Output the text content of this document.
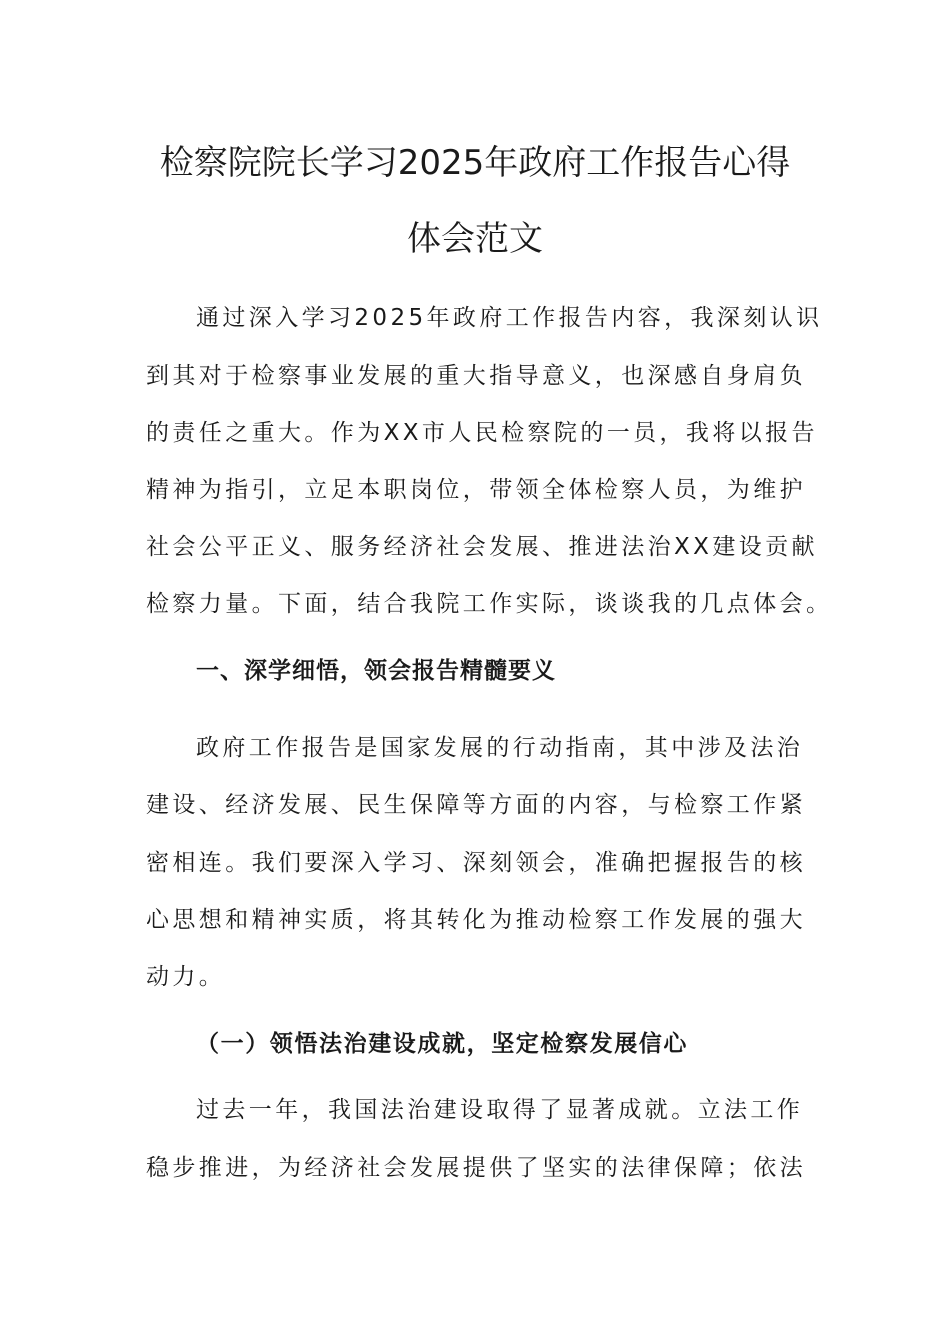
检察院院长学习2025年政府工作报告心得
体会范文

通过深入学习2025年政府工作报告内容，我深刻认识

到其对于检察事业发展的重大指导意义，也深感自身肩负

的责任之重大。作为XX市人民检察院的一员，我将以报告

精神为指引，立足本职岗位，带领全体检察人员，为维护

社会公平正义、服务经济社会发展、推进法治XX建设贡献

检察力量。下面，结合我院工作实际，谈谈我的几点体会。

一、深学细悟，领会报告精髓要义

政府工作报告是国家发展的行动指南，其中涉及法治

建设、经济发展、民生保障等方面的内容，与检察工作紧

密相连。我们要深入学习、深刻领会，准确把握报告的核

心思想和精神实质，将其转化为推动检察工作发展的强大

动力。

（一）领悟法治建设成就，坚定检察发展信心

过去一年，我国法治建设取得了显著成就。立法工作

稳步推进，为经济社会发展提供了坚实的法律保障；依法
